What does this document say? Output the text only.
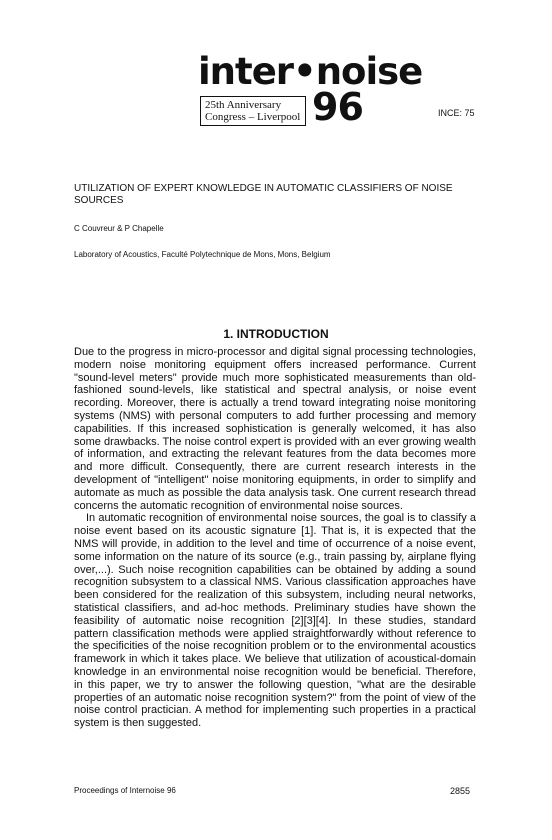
inter•noise
25th Anniversary
Congress – Liverpool 96	INCE: 75
UTILIZATION OF EXPERT KNOWLEDGE IN AUTOMATIC CLASSIFIERS OF NOISE SOURCES
C Couvreur & P Chapelle
Laboratory of Acoustics, Faculté Polytechnique de Mons, Mons, Belgium
1. INTRODUCTION

Due to the progress in micro-processor and digital signal processing technologies, modern noise monitoring equipment offers increased performance. Current "sound-level meters" provide much more sophisticated measurements than old-fashioned sound-levels, like statistical and spectral analysis, or noise event recording. Moreover, there is actually a trend toward integrating noise monitoring systems (NMS) with personal computers to add further processing and memory capabilities. If this increased sophistication is generally welcomed, it has also some drawbacks. The noise control expert is provided with an ever growing wealth of information, and extracting the relevant features from the data becomes more and more difficult. Consequently, there are current research interests in the development of "intelligent" noise monitoring equipments, in order to simplify and automate as much as possible the data analysis task. One current research thread concerns the automatic recognition of environmental noise sources.

In automatic recognition of environmental noise sources, the goal is to classify a noise event based on its acoustic signature [1]. That is, it is expected that the NMS will provide, in addition to the level and time of occurrence of a noise event, some information on the nature of its source (e.g., train passing by, airplane flying over,...). Such noise recognition capabilities can be obtained by adding a sound recognition subsystem to a classical NMS. Various classification approaches have been considered for the realization of this subsystem, including neural networks, statistical classifiers, and ad-hoc methods. Preliminary studies have shown the feasibility of automatic noise recognition [2][3][4]. In these studies, standard pattern classification methods were applied straightforwardly without reference to the specificities of the noise recognition problem or to the environmental acoustics framework in which it takes place. We believe that utilization of acoustical-domain knowledge in an environmental noise recognition would be beneficial. Therefore, in this paper, we try to answer the following question, "what are the desirable properties of an automatic noise recognition system?" from the point of view of the noise control practician. A method for implementing such properties in a practical system is then suggested.

Proceedings of Internoise 96	2855
